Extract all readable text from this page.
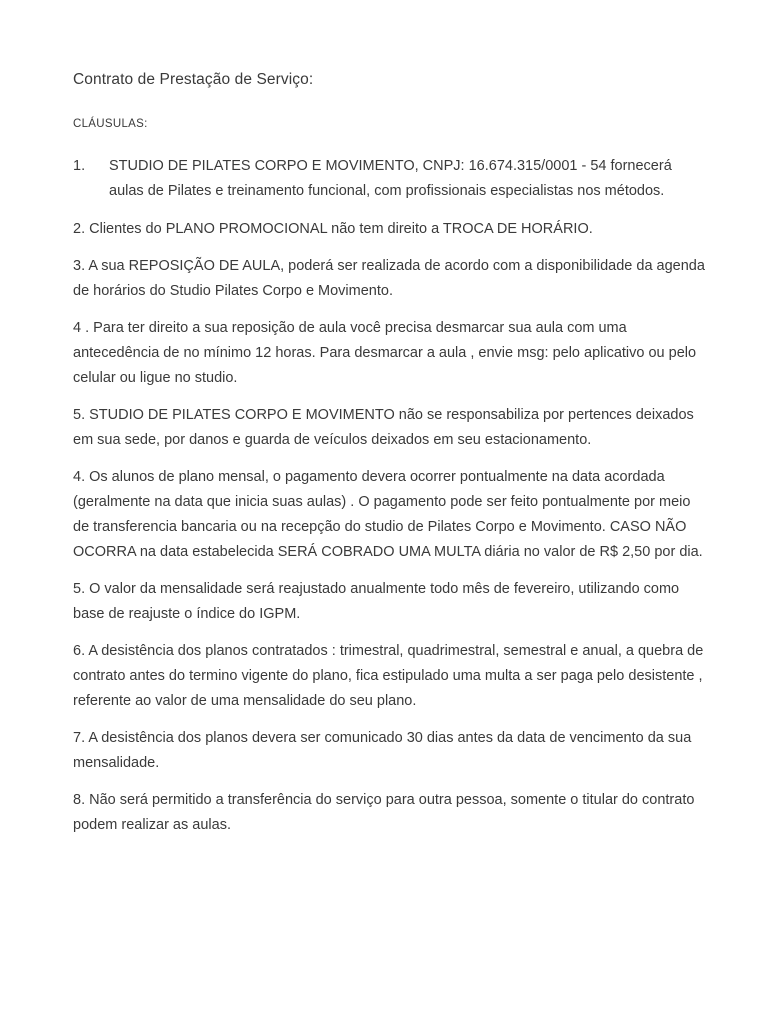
Contrato de Prestação de Serviço:
CLÁUSULAS:
1.	STUDIO DE PILATES CORPO E MOVIMENTO, CNPJ: 16.674.315/0001 - 54 fornecerá aulas de Pilates e treinamento funcional, com profissionais especialistas nos métodos.
2. Clientes do PLANO PROMOCIONAL não tem direito a TROCA DE HORÁRIO.
3. A sua REPOSIÇÃO DE AULA, poderá ser realizada de acordo com a disponibilidade da agenda de horários do Studio Pilates Corpo e Movimento.
4 . Para ter direito a sua reposição de aula você precisa desmarcar sua aula com uma antecedência de no mínimo 12 horas. Para desmarcar a aula , envie msg: pelo aplicativo ou pelo celular ou ligue no studio.
5. STUDIO DE PILATES CORPO E MOVIMENTO não se responsabiliza por pertences deixados em sua sede, por danos e guarda de veículos deixados em seu estacionamento.
4. Os alunos de plano mensal, o pagamento devera ocorrer pontualmente na data acordada (geralmente na data que inicia suas aulas) . O pagamento pode ser feito pontualmente por meio de transferencia bancaria ou na recepção do studio de Pilates Corpo e Movimento. CASO NÃO OCORRA na data estabelecida SERÁ COBRADO UMA MULTA diária no valor de R$ 2,50 por dia.
5. O valor da mensalidade será reajustado anualmente todo mês de fevereiro, utilizando como base de reajuste o índice do IGPM.
6. A desistência dos planos contratados : trimestral, quadrimestral, semestral e anual, a quebra de contrato antes do termino vigente do plano, fica estipulado uma multa a ser paga pelo desistente , referente ao valor de uma mensalidade do seu plano.
7. A desistência dos planos devera ser comunicado 30 dias antes da data de vencimento da sua mensalidade.
8. Não será permitido a transferência do serviço para outra pessoa, somente o titular do contrato podem realizar as aulas.
